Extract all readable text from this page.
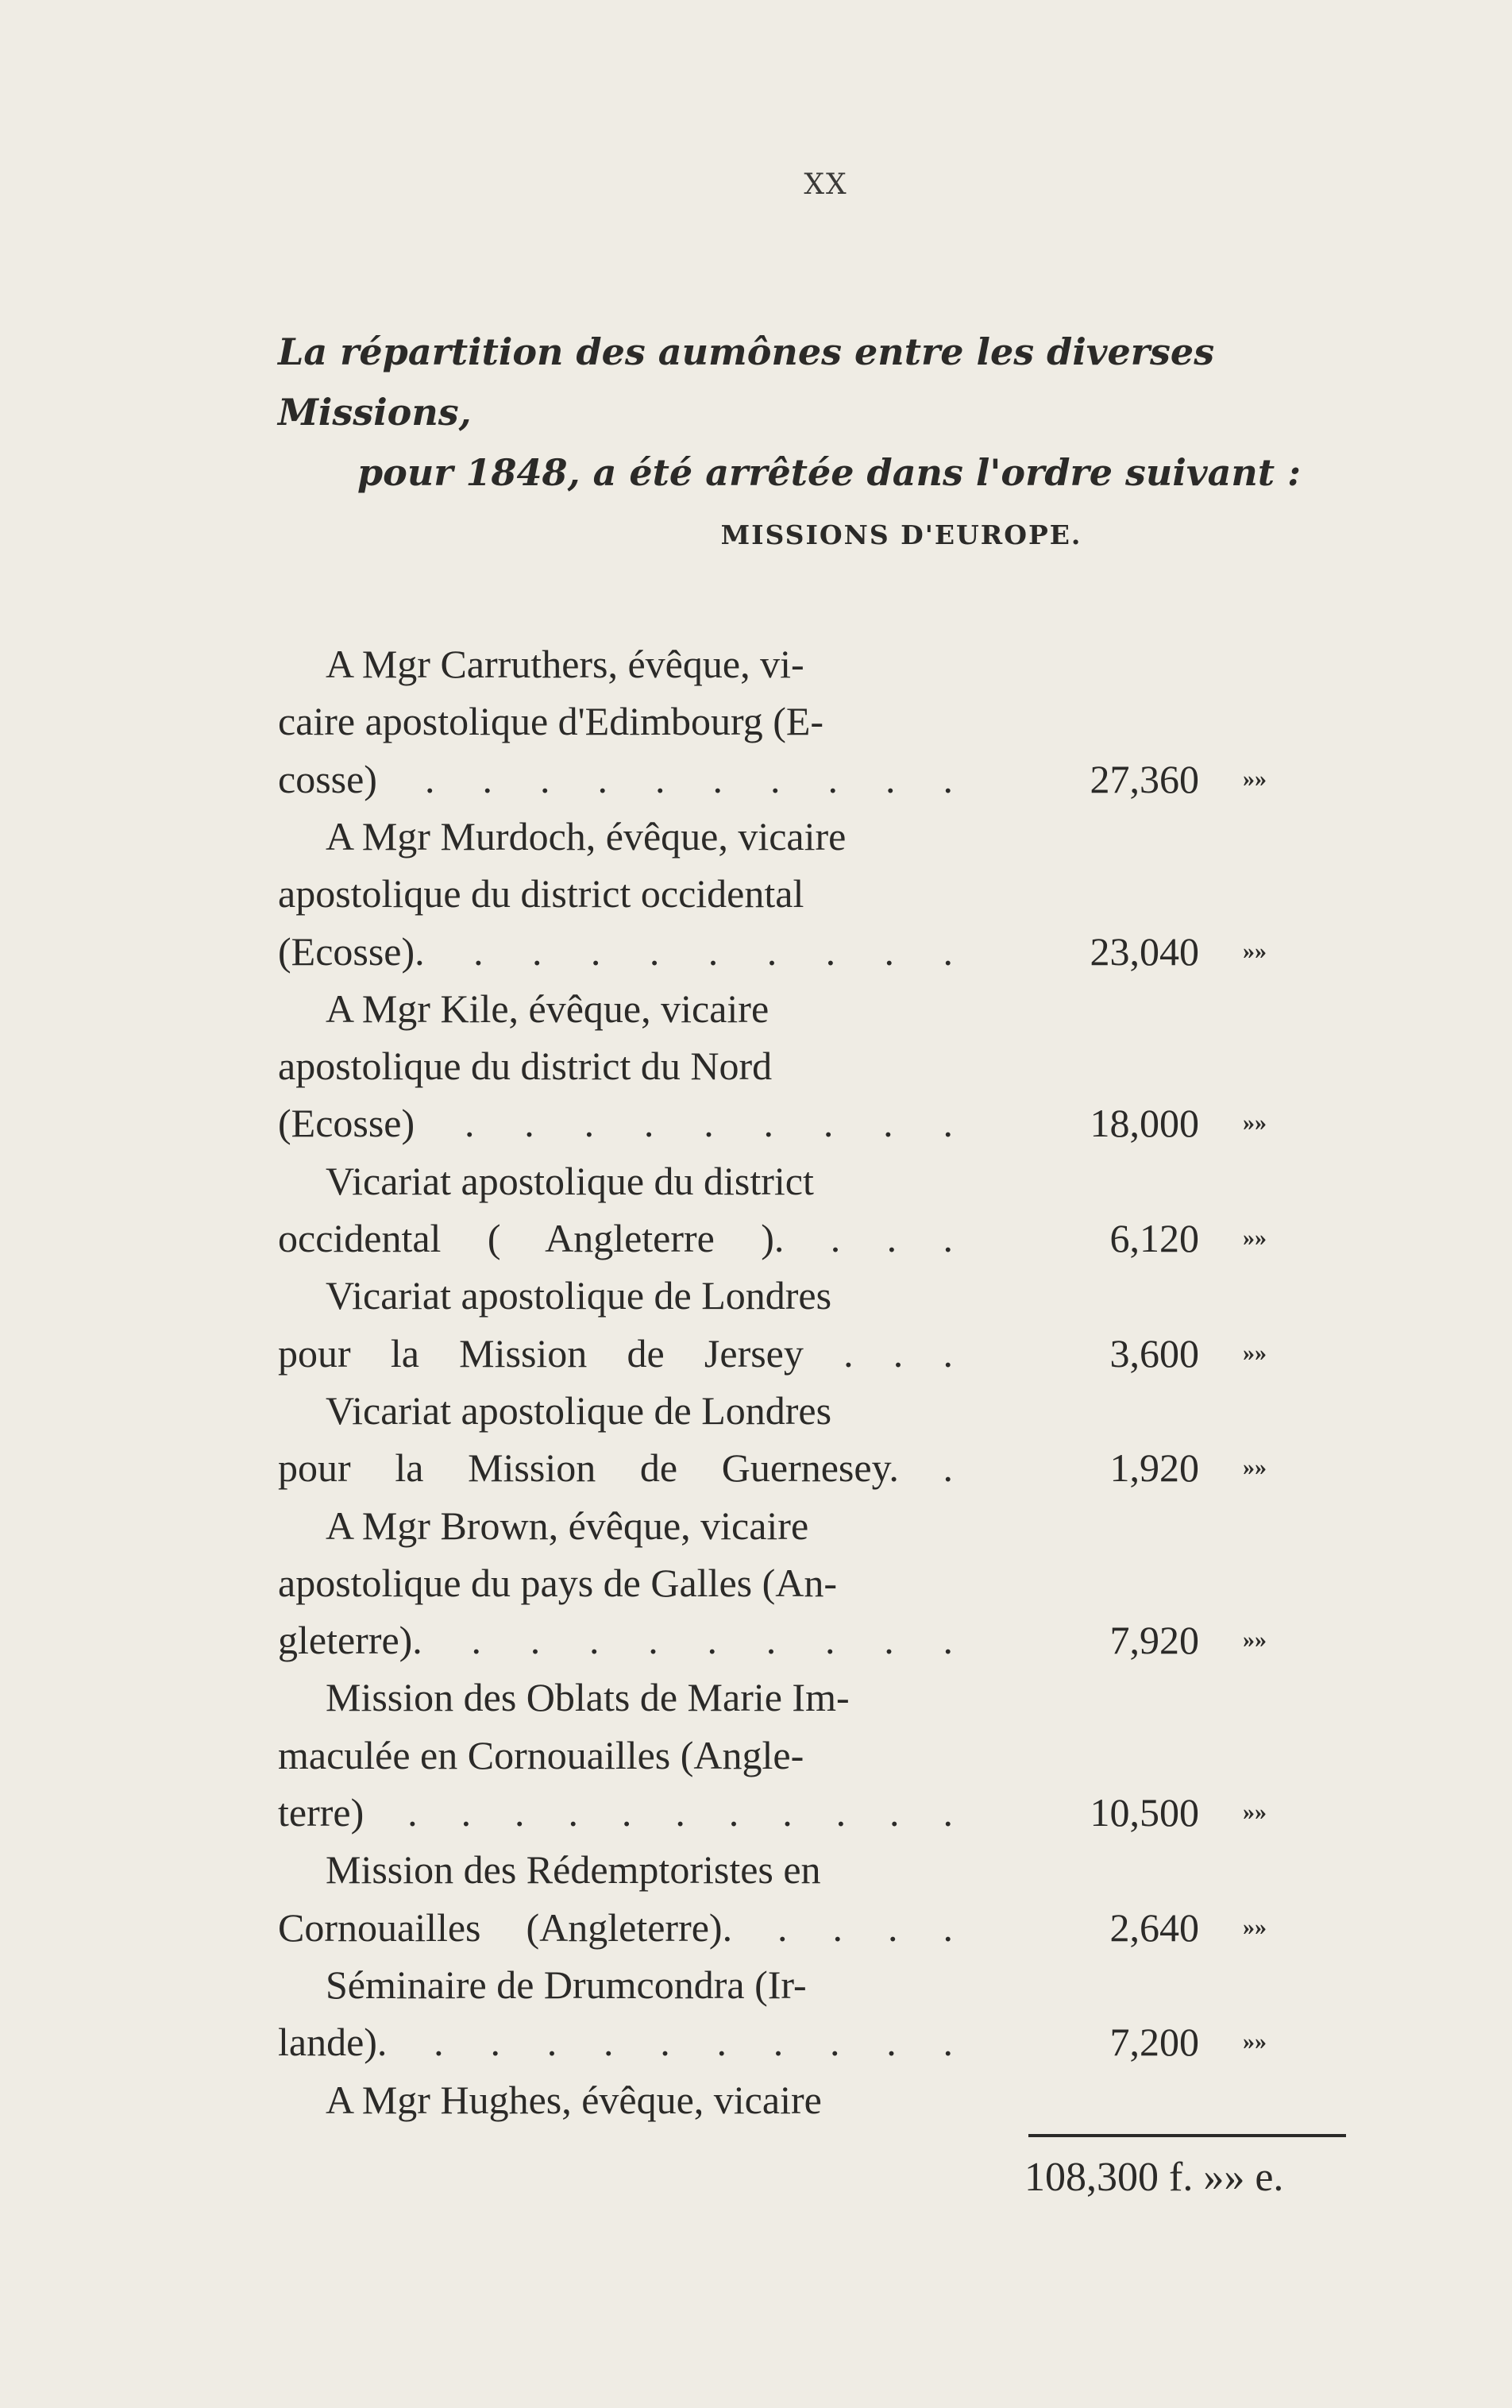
XX
La répartition des aumônes entre les diverses Missions,
pour 1848, a été arrêtée dans l'ordre suivant :
MISSIONS D'EUROPE.
A Mgr Carruthers, évêque, vi-
caire apostolique d'Edimbourg (E-
cosse) . . . . . . . . . .	27,360 »»
A Mgr Murdoch, évêque, vicaire
apostolique du district occidental
(Ecosse). . . . . . . . . .	23,040 »»
A Mgr Kile, évêque, vicaire
apostolique du district du Nord
(Ecosse) . . . . . . . . .	18,000 »»
Vicariat apostolique du district
occidental ( Angleterre ). . . .	6,120 »»
Vicariat apostolique de Londres
pour la Mission de Jersey . . .	3,600 »»
Vicariat apostolique de Londres
pour la Mission de Guernesey. .	1,920 »»
A Mgr Brown, évêque, vicaire
apostolique du pays de Galles (An-
gleterre). . . . . . . . . .	7,920 »»
Mission des Oblats de Marie Im-
maculée en Cornouailles (Angle-
terre) . . . . . . . . . . .	10,500 »»
Mission des Rédemptoristes en
Cornouailles (Angleterre). . . . .	2,640 »»
Séminaire de Drumcondra (Ir-
lande). . . . . . . . . . .	7,200 »»
A Mgr Hughes, évêque, vicaire
108,300 f. »» e.
